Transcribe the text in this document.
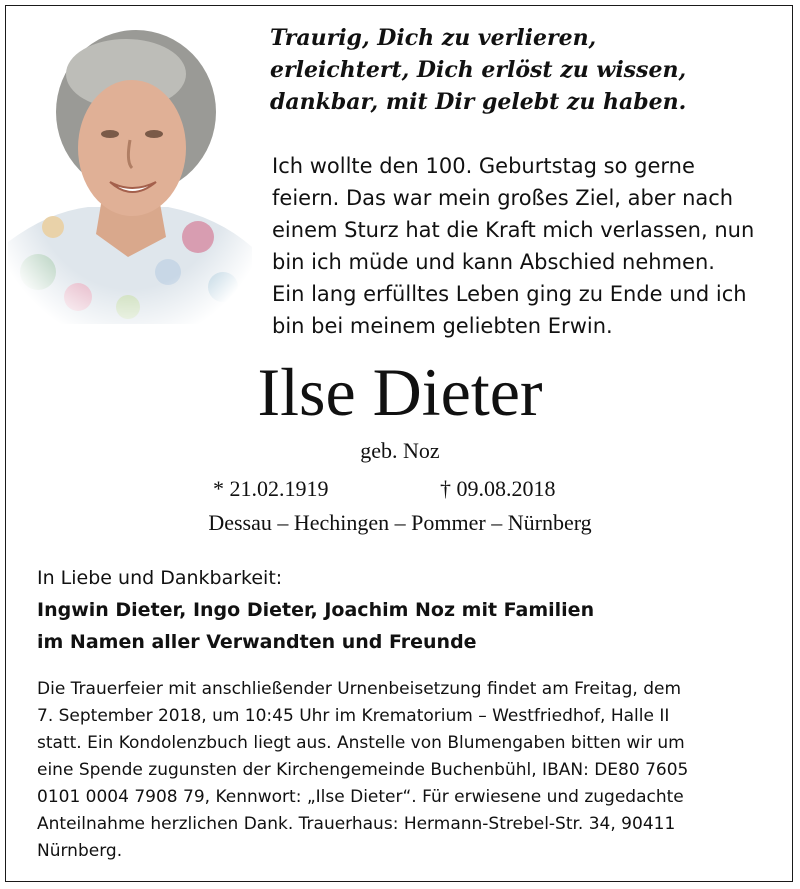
Traurig, Dich zu verlieren,
erleichtert, Dich erlöst zu wissen,
dankbar, mit Dir gelebt zu haben.
Ich wollte den 100. Geburtstag so gerne
feiern. Das war mein großes Ziel, aber nach
einem Sturz hat die Kraft mich verlassen, nun
bin ich müde und kann Abschied nehmen.
Ein lang erfülltes Leben ging zu Ende und ich
bin bei meinem geliebten Erwin.
Ilse Dieter
geb. Noz
* 21.02.1919	† 09.08.2018
Dessau – Hechingen – Pommer – Nürnberg
In Liebe und Dankbarkeit:
Ingwin Dieter, Ingo Dieter, Joachim Noz mit Familien
im Namen aller Verwandten und Freunde
Die Trauerfeier mit anschließender Urnenbeisetzung findet am Freitag, dem
7. September 2018, um 10:45 Uhr im Krematorium – Westfriedhof, Halle II
statt. Ein Kondolenzbuch liegt aus. Anstelle von Blumengaben bitten wir um
eine Spende zugunsten der Kirchengemeinde Buchenbühl, IBAN: DE80 7605
0101 0004 7908 79, Kennwort: „Ilse Dieter“. Für erwiesene und zugedachte
Anteilnahme herzlichen Dank. Trauerhaus: Hermann-Strebel-Str. 34, 90411
Nürnberg.
